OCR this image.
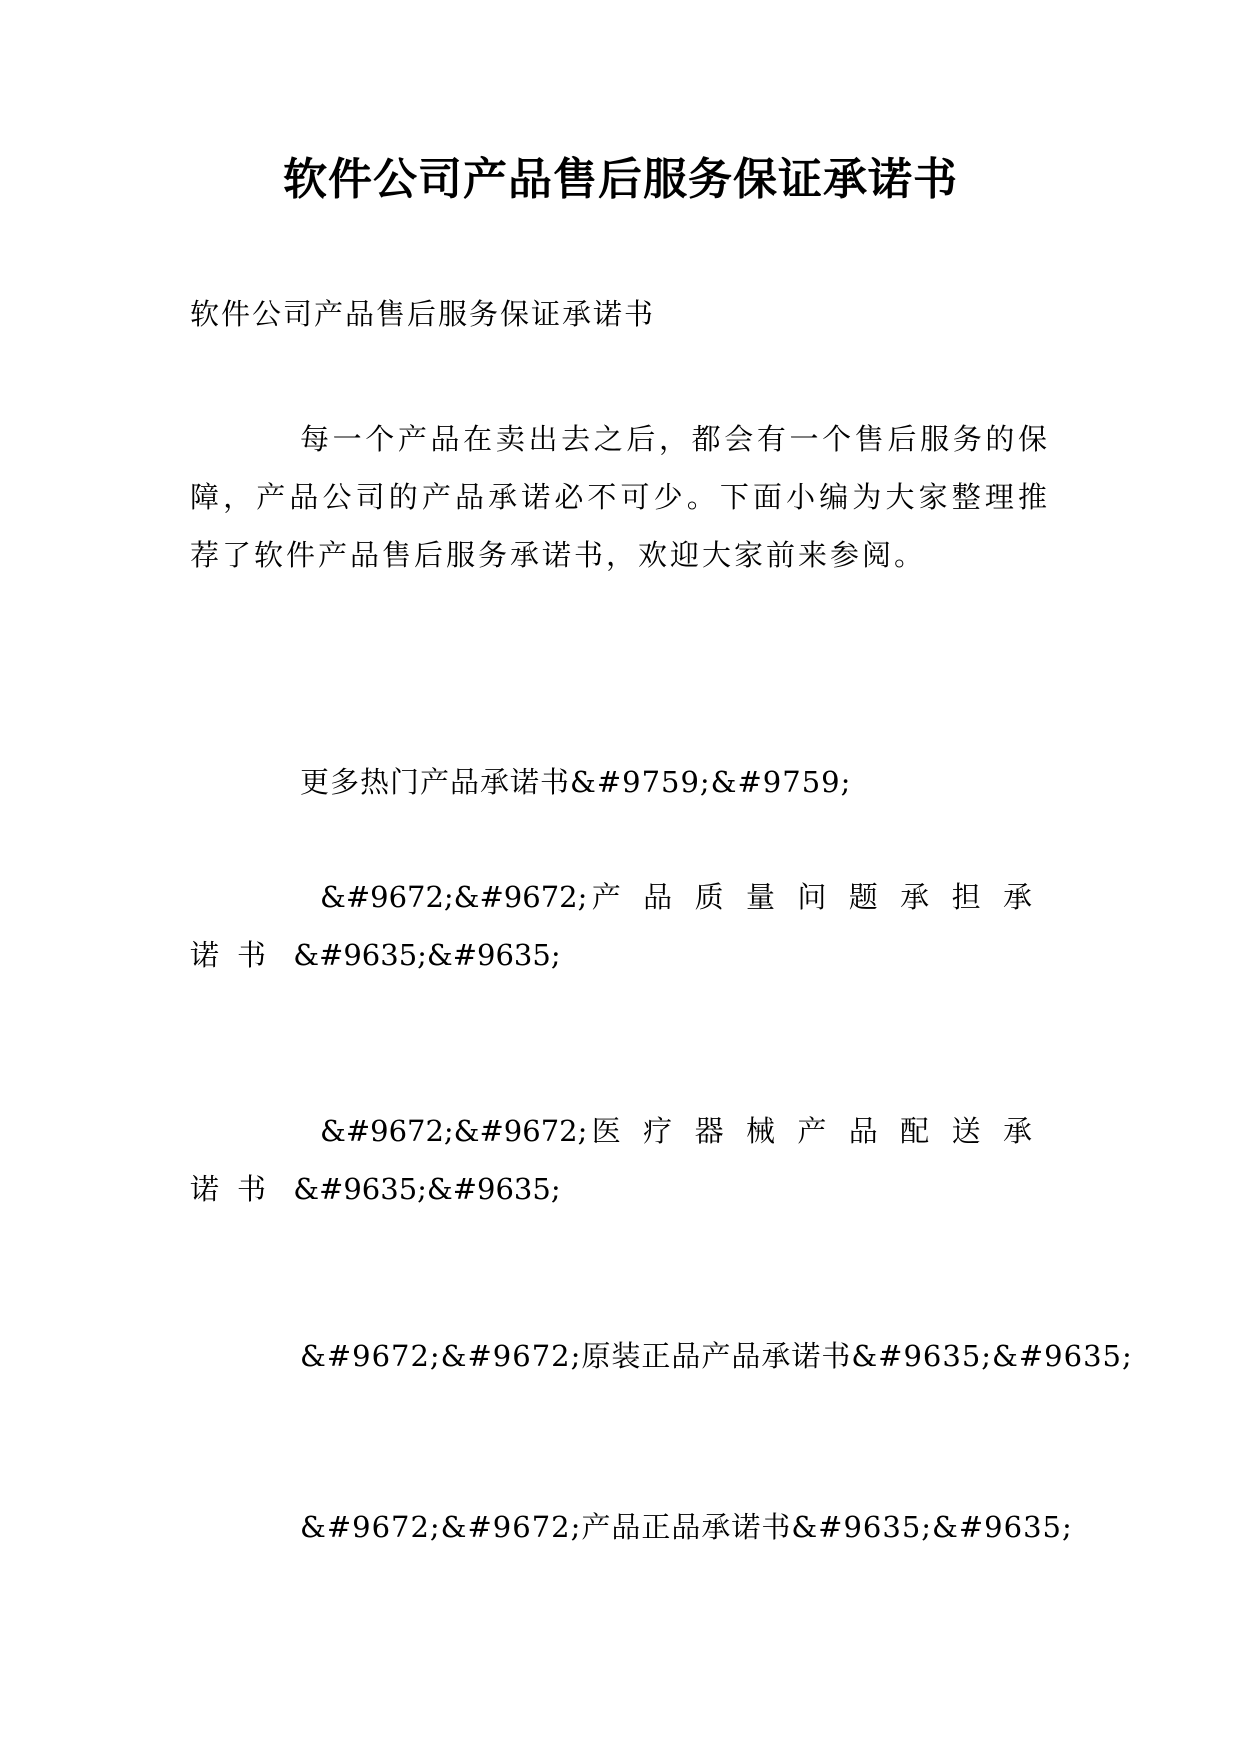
软件公司产品售后服务保证承诺书
软件公司产品售后服务保证承诺书
每一个产品在卖出去之后，都会有一个售后服务的保障，产品公司的产品承诺必不可少。下面小编为大家整理推荐了软件产品售后服务承诺书，欢迎大家前来参阅。
更多热门产品承诺书&#9759;&#9759;
&#9672;&#9672;产品质量问题承担承诺书 &#9635;&#9635;
&#9672;&#9672;医疗器械产品配送承诺书 &#9635;&#9635;
&#9672;&#9672;原装正品产品承诺书&#9635;&#9635;
&#9672;&#9672;产品正品承诺书&#9635;&#9635;
